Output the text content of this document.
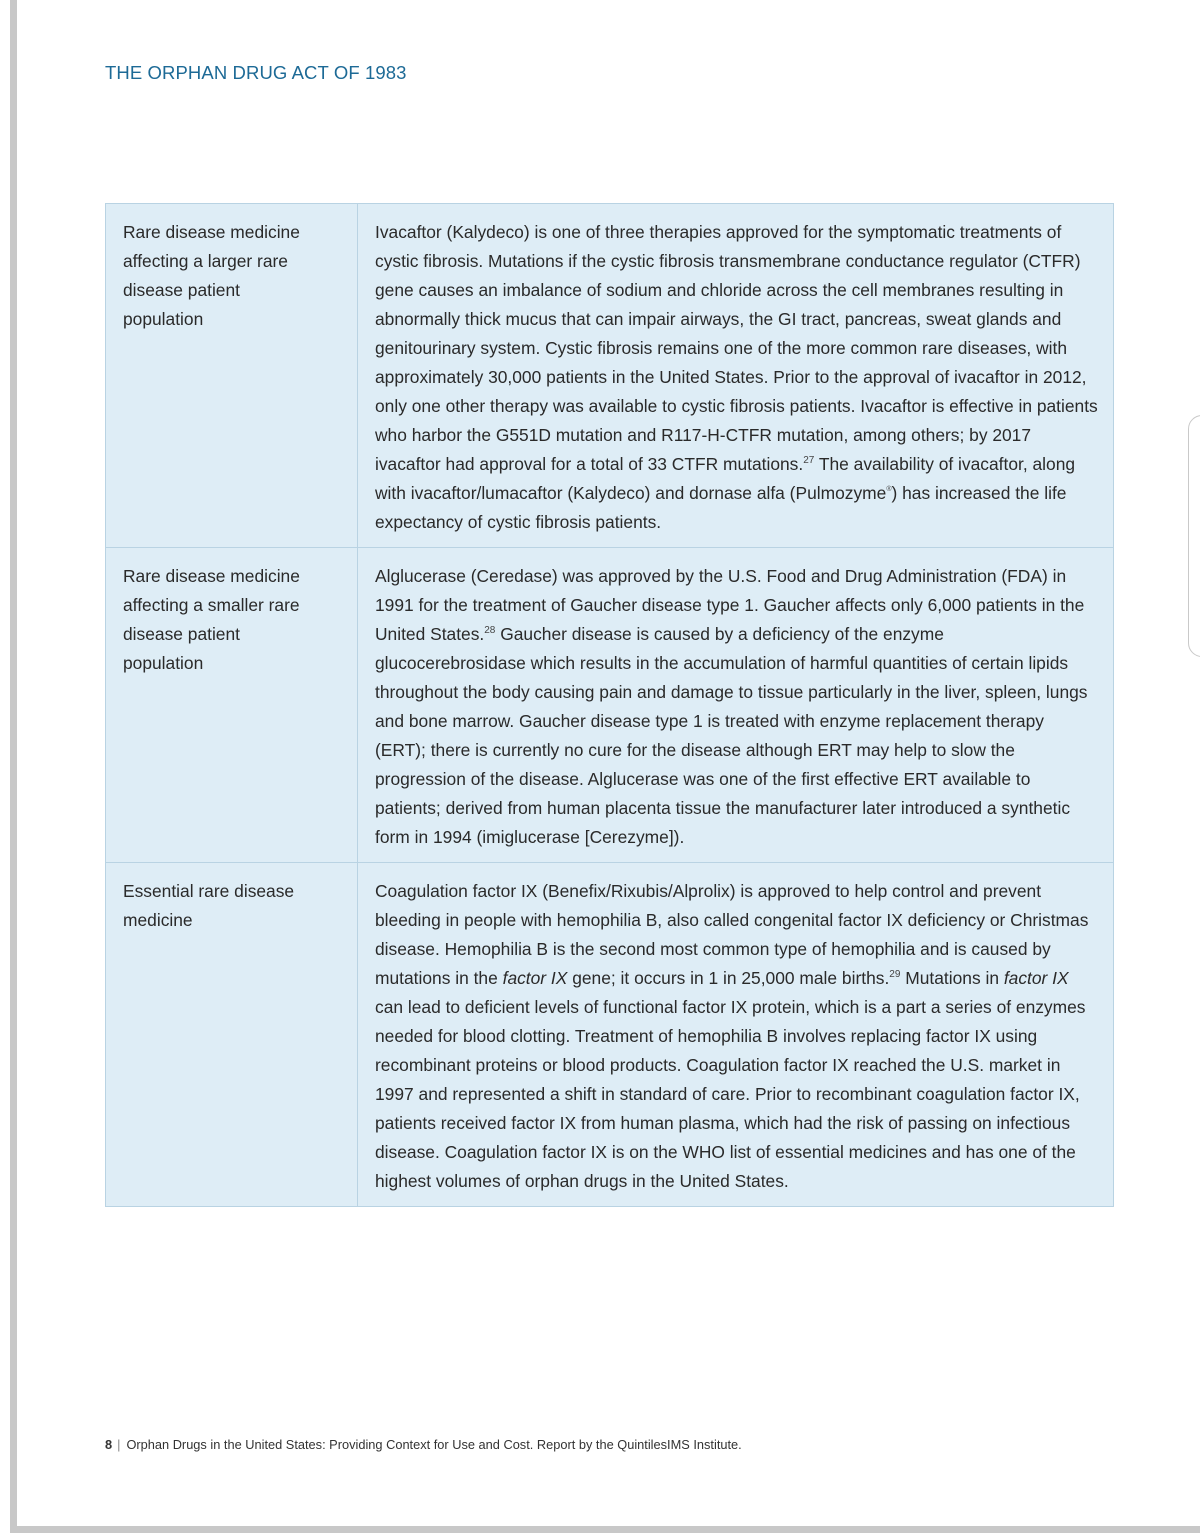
THE ORPHAN DRUG ACT OF 1983
Rare disease medicine affecting a larger rare disease patient population
Ivacaftor (Kalydeco) is one of three therapies approved for the symptomatic treatments of cystic fibrosis. Mutations if the cystic fibrosis transmembrane conductance regulator (CTFR) gene causes an imbalance of sodium and chloride across the cell membranes resulting in abnormally thick mucus that can impair airways, the GI tract, pancreas, sweat glands and genitourinary system. Cystic fibrosis remains one of the more common rare diseases, with approximately 30,000 patients in the United States. Prior to the approval of ivacaftor in 2012, only one other therapy was available to cystic fibrosis patients. Ivacaftor is effective in patients who harbor the G551D mutation and R117-H-CTFR mutation, among others; by 2017 ivacaftor had approval for a total of 33 CTFR mutations.$^{27}$ The availability of ivacaftor, along with ivacaftor/lumacaftor (Kalydeco) and dornase alfa (Pulmozyme®) has increased the life expectancy of cystic fibrosis patients.
Rare disease medicine affecting a smaller rare disease patient population
Alglucerase (Ceredase) was approved by the U.S. Food and Drug Administration (FDA) in 1991 for the treatment of Gaucher disease type 1. Gaucher affects only 6,000 patients in the United States.$^{28}$ Gaucher disease is caused by a deficiency of the enzyme glucocerebrosidase which results in the accumulation of harmful quantities of certain lipids throughout the body causing pain and damage to tissue particularly in the liver, spleen, lungs and bone marrow. Gaucher disease type 1 is treated with enzyme replacement therapy (ERT); there is currently no cure for the disease although ERT may help to slow the progression of the disease. Alglucerase was one of the first effective ERT available to patients; derived from human placenta tissue the manufacturer later introduced a synthetic form in 1994 (imiglucerase [Cerezyme]).
Essential rare disease medicine
Coagulation factor IX (Benefix/Rixubis/Alprolix) is approved to help control and prevent bleeding in people with hemophilia B, also called congenital factor IX deficiency or Christmas disease. Hemophilia B is the second most common type of hemophilia and is caused by mutations in the factor IX gene; it occurs in 1 in 25,000 male births.$^{29}$ Mutations in factor IX can lead to deficient levels of functional factor IX protein, which is a part a series of enzymes needed for blood clotting. Treatment of hemophilia B involves replacing factor IX using recombinant proteins or blood products. Coagulation factor IX reached the U.S. market in 1997 and represented a shift in standard of care. Prior to recombinant coagulation factor IX, patients received factor IX from human plasma, which had the risk of passing on infectious disease. Coagulation factor IX is on the WHO list of essential medicines and has one of the highest volumes of orphan drugs in the United States.
8 | Orphan Drugs in the United States: Providing Context for Use and Cost. Report by the QuintilesIMS Institute.
